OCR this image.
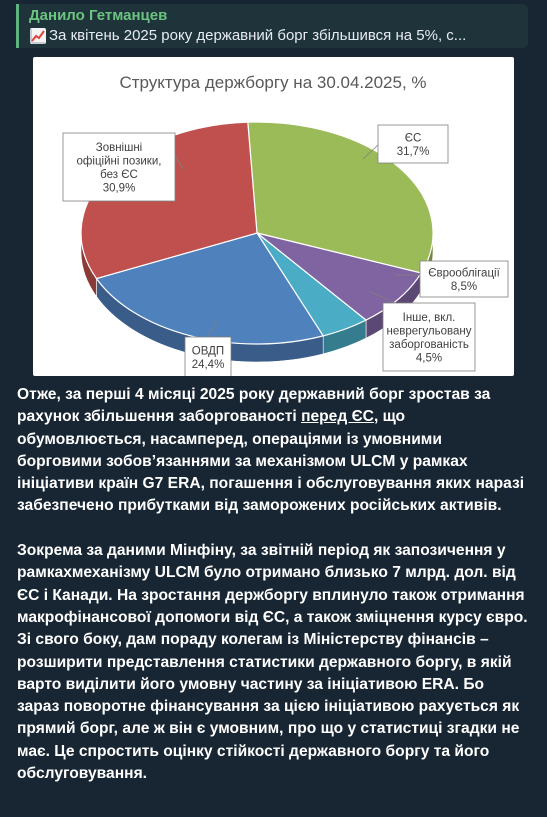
Данило Гетманцев
За квітень 2025 року державний борг збільшився на 5%, с...
Структура держборгу на 30.04.2025, %
ЄС
31,7%
Єврооблігації
8,5%
Інше, вкл.
неврегульовану
заборгованість
4,5%
ОВДП
24,4%
Зовнішні
офіційні позики,
без ЄС
30,9%

Отже, за перші 4 місяці 2025 року державний борг зростав за рахунок збільшення заборгованості перед ЄС, що обумовлюється, насамперед, операціями із умовними борговими зобов’язаннями за механізмом ULCM у рамках ініціативи країн G7 ERA, погашення і обслуговування яких наразі забезпечено прибутками від заморожених російських активів.

Зокрема за даними Мінфіну, за звітній період як запозичення у рамкахмеханізму ULCM було отримано близько 7 млрд. дол. від ЄС і Канади. На зростання держборгу вплинуло також отримання макрофінансової допомоги від ЄС, а також зміцнення курсу євро.

Зі свого боку, дам пораду колегам із Міністерству фінансів – розширити представлення статистики державного боргу, в якій варто виділити його умовну частину за ініціативою ERA. Бо зараз поворотне фінансування за цією ініціативою рахується як прямий борг, але ж він є умовним, про що у статистиці згадки не має. Це спростить оцінку стійкості державного боргу та його обслуговування.
